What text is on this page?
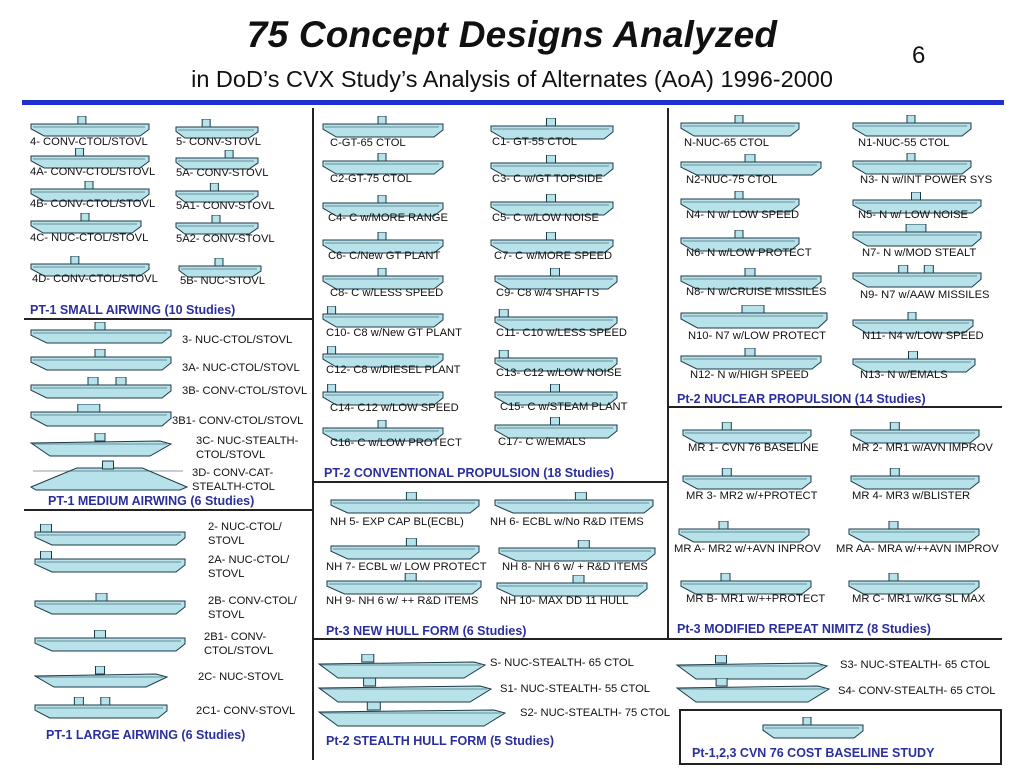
75 Concept Designs Analyzed
in DoD’s CVX Study’s Analysis of Alternates (AoA) 1996-2000
6
PT-1 SMALL AIRWING (10 Studies)
PT-1 MEDIUM AIRWING (6 Studies)
PT-1 LARGE AIRWING (6 Studies)
PT-2 CONVENTIONAL PROPULSION (18 Studies)
Pt-2 NUCLEAR PROPULSION (14 Studies)
Pt-3 NEW HULL FORM (6 Studies)	Pt-3 MODIFIED REPEAT NIMITZ (8 Studies)
Pt-2 STEALTH HULL FORM (5 Studies)
Pt-1,2,3 CVN 76 COST BASELINE STUDY
4- CONV-CTOL/STOVL	5- CONV-STOVL
4A- CONV-CTOL/STOVL 5A- CONV-STOVL
4B- CONV-CTOL/STOVL 5A1- CONV-STOVL
4C- NUC-CTOL/STOVL 5A2- CONV-STOVL
4D- CONV-CTOL/STOVL 5B- NUC-STOVL
3- NUC-CTOL/STOVL
3A- NUC-CTOL/STOVL
3B- CONV-CTOL/STOVL
3B1- CONV-CTOL/STOVL
3C- NUC-STEALTH-
CTOL/STOVL
3D- CONV-CAT-
STEALTH-CTOL
2- NUC-CTOL/
STOVL
2A- NUC-CTOL/
STOVL
2B- CONV-CTOL/
STOVL
2B1- CONV-
CTOL/STOVL
2C- NUC-STOVL
2C1- CONV-STOVL
C-GT-65 CTOL	C1- GT-55 CTOL
C2-GT-75 CTOL	C3- C w/GT TOPSIDE
C4- C w/MORE RANGE	C5- C w/LOW NOISE
C6- C/New GT PLANT	C7- C w/MORE SPEED
C8- C w/LESS SPEED	C9- C8 w/4 SHAFTS
C10- C8 w/New GT PLANT	C11- C10 w/LESS SPEED
C12- C8 w/DIESEL PLANT	C13- C12 w/LOW NOISE
C14- C12 w/LOW SPEED	C15- C w/STEAM PLANT
C16- C w/LOW PROTECT	C17- C w/EMALS
N-NUC-65 CTOL	N1-NUC-55 CTOL
N2-NUC-75 CTOL	N3- N w/INT POWER SYS
N4- N w/ LOW SPEED	N5- N w/ LOW NOISE
N6- N w/LOW PROTECT	N7- N w/MOD STEALT
N8- N w/CRUISE MISSILES	N9- N7 w/AAW MISSILES
N10- N7 w/LOW PROTECT	N11- N4 w/LOW SPEED
N12- N w/HIGH SPEED	N13- N w/EMALS
NH 5- EXP CAP BL(ECBL) NH 6- ECBL w/No R&D ITEMS
NH 7- ECBL w/ LOW PROTECT NH 8- NH 6 w/ + R&D ITEMS
NH 9- NH 6 w/ ++ R&D ITEMS NH 10- MAX DD 11 HULL
MR 1- CVN 76 BASELINE	MR 2- MR1 w/AVN IMPROV
MR 3- MR2 w/+PROTECT	MR 4- MR3 w/BLISTER
MR A- MR2 w/+AVN INPROV MR AA- MRA w/++AVN IMPROV
MR B- MR1 w/++PROTECT MR C- MR1 w/KG SL MAX
S- NUC-STEALTH- 65 CTOL
S1- NUC-STEALTH- 55 CTOL
S2- NUC-STEALTH- 75 CTOL
S3- NUC-STEALTH- 65 CTOL
S4- CONV-STEALTH- 65 CTOL
